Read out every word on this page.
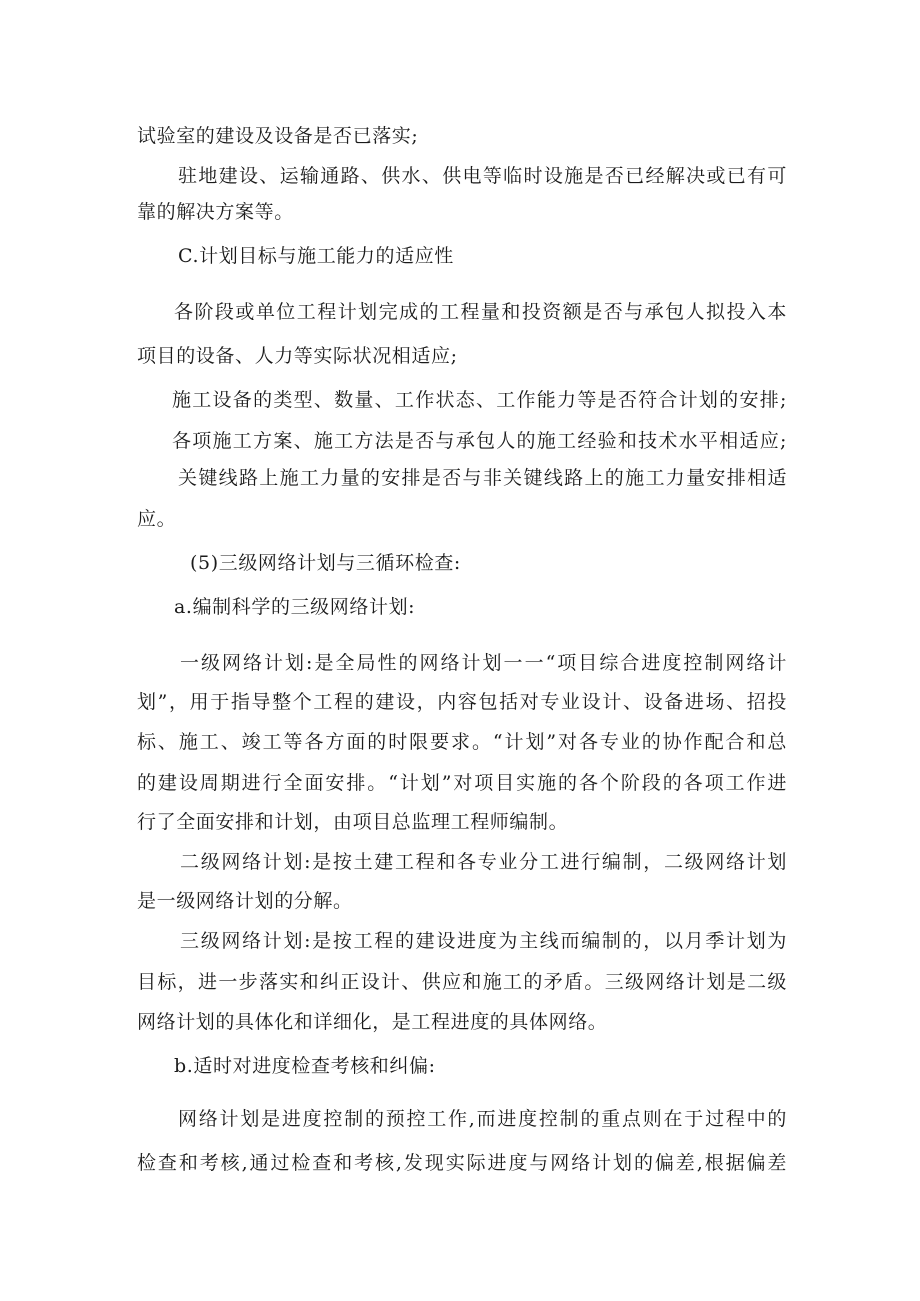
试验室的建设及设备是否已落实;
驻地建设、运输通路、供水、供电等临时设施是否已经解决或已有可
靠的解决方案等。
C.计划目标与施工能力的适应性
各阶段或单位工程计划完成的工程量和投资额是否与承包人拟投入本
项目的设备、人力等实际状况相适应;
施工设备的类型、数量、工作状态、工作能力等是否符合计划的安排;
各项施工方案、施工方法是否与承包人的施工经验和技术水平相适应;
关键线路上施工力量的安排是否与非关键线路上的施工力量安排相适
应。
(5)三级网络计划与三循环检查:
a.编制科学的三级网络计划:
一级网络计划:是全局性的网络计划一一“项目综合进度控制网络计
划”，用于指导整个工程的建设，内容包括对专业设计、设备进场、招投
标、施工、竣工等各方面的时限要求。“计划”对各专业的协作配合和总
的建设周期进行全面安排。“计划”对项目实施的各个阶段的各项工作进
行了全面安排和计划，由项目总监理工程师编制。
二级网络计划:是按土建工程和各专业分工进行编制，二级网络计划
是一级网络计划的分解。
三级网络计划:是按工程的建设进度为主线而编制的，以月季计划为
目标，进一步落实和纠正设计、供应和施工的矛盾。三级网络计划是二级
网络计划的具体化和详细化，是工程进度的具体网络。
b.适时对进度检查考核和纠偏:
网络计划是进度控制的预控工作,而进度控制的重点则在于过程中的
检查和考核,通过检查和考核,发现实际进度与网络计划的偏差,根据偏差
